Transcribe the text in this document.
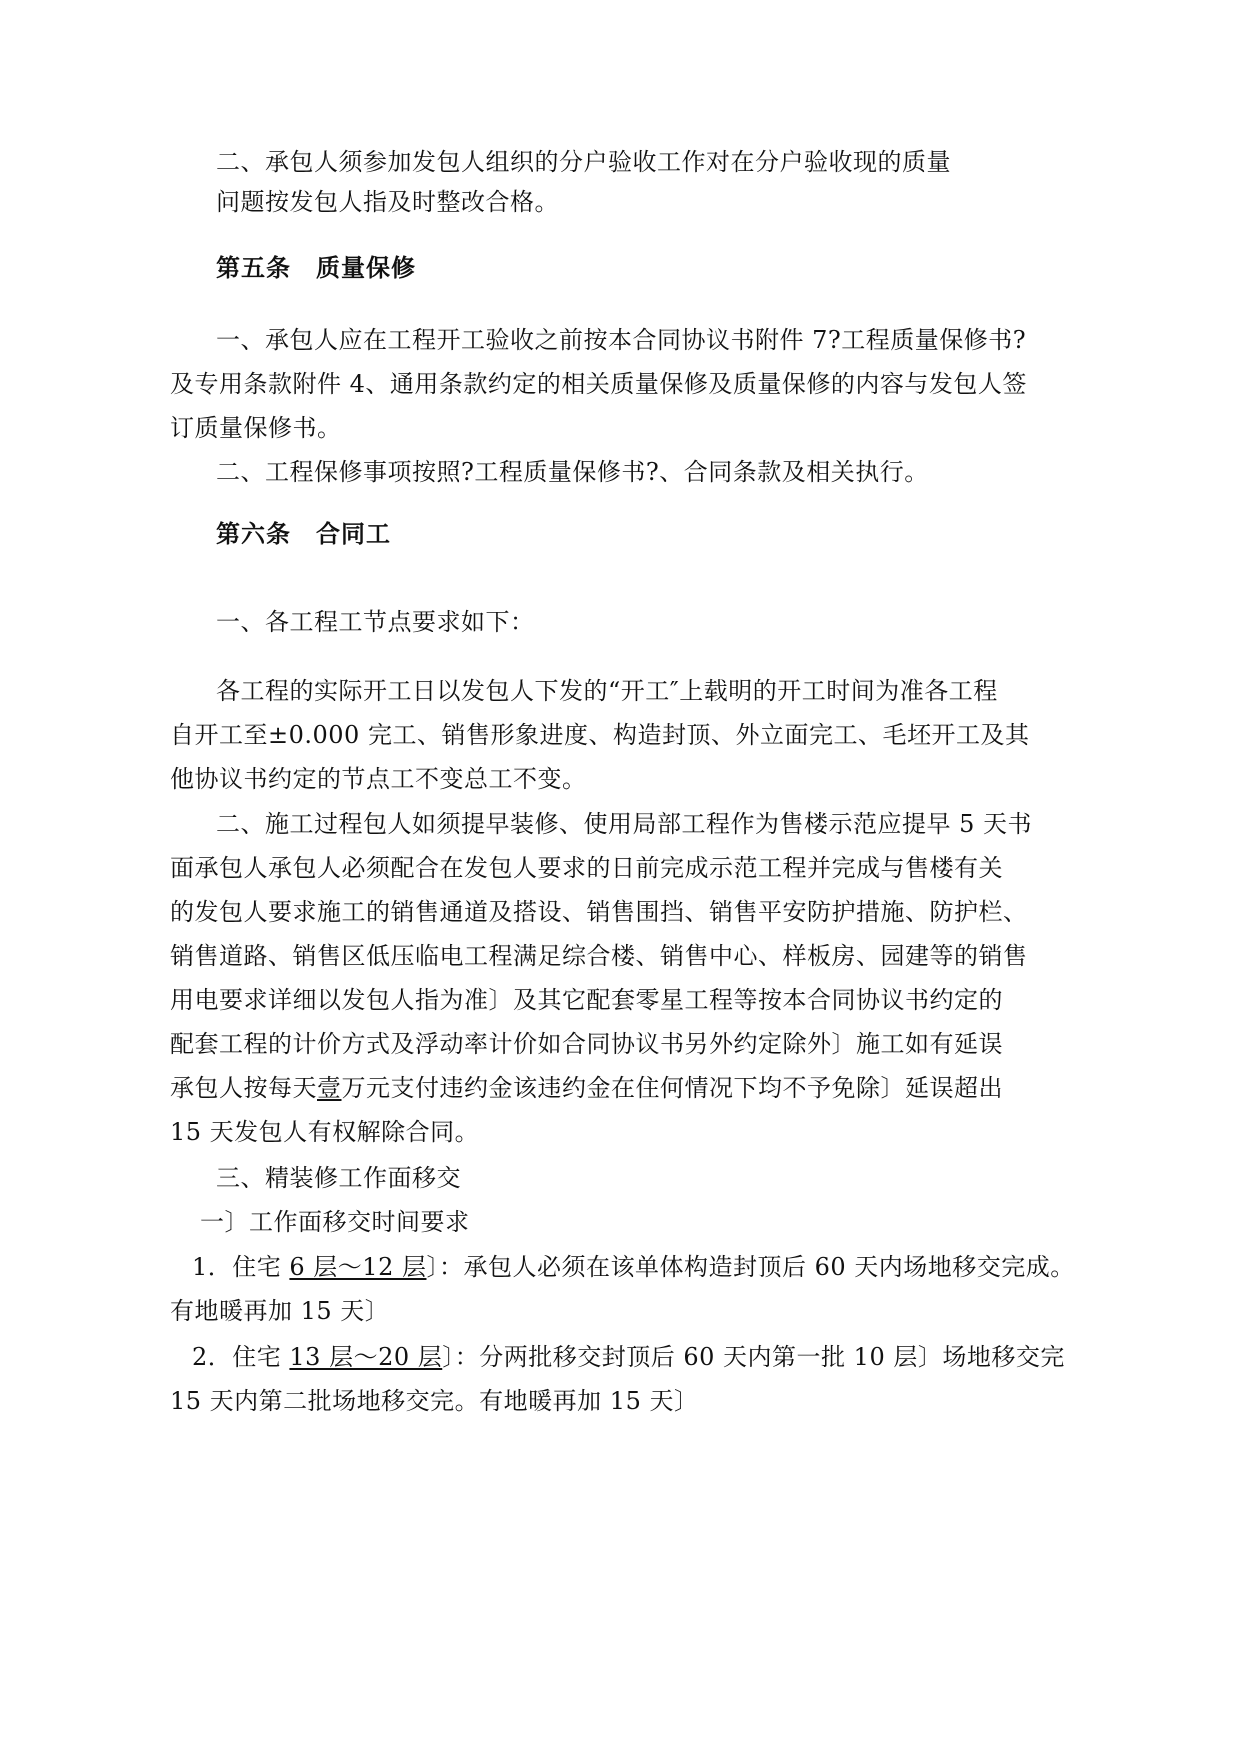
二、承包人须参加发包人组织的分户验收工作对在分户验收现的质量
问题按发包人指及时整改合格。
第五条　质量保修
一、承包人应在工程开工验收之前按本合同协议书附件 7?工程质量保修书?
及专用条款附件 4、通用条款约定的相关质量保修及质量保修的内容与发包人签
订质量保修书。
二、工程保修事项按照?工程质量保修书?、合同条款及相关执行。
第六条　合同工
一、各工程工节点要求如下：
各工程的实际开工日以发包人下发的“开工″上载明的开工时间为准各工程
自开工至±0.000 完工、销售形象进度、构造封顶、外立面完工、毛坯开工及其
他协议书约定的节点工不变总工不变。
二、施工过程包人如须提早装修、使用局部工程作为售楼示范应提早 5 天书
面承包人承包人必须配合在发包人要求的日前完成示范工程并完成与售楼有关
的发包人要求施工的销售通道及搭设、销售围挡、销售平安防护措施、防护栏、
销售道路、销售区低压临电工程满足综合楼、销售中心、样板房、园建等的销售
用电要求详细以发包人指为准〕及其它配套零星工程等按本合同协议书约定的
配套工程的计价方式及浮动率计价如合同协议书另外约定除外〕施工如有延误
承包人按每天壹万元支付违约金该违约金在住何情况下均不予免除〕延误超出
15 天发包人有权解除合同。
三、精装修工作面移交
一〕工作面移交时间要求
1．住宅 6 层～12 层〕：承包人必须在该单体构造封顶后 60 天内场地移交完成。
有地暖再加 15 天〕
2．住宅 13 层～20 层〕：分两批移交封顶后 60 天内第一批 10 层〕场地移交完
15 天内第二批场地移交完。有地暖再加 15 天〕
